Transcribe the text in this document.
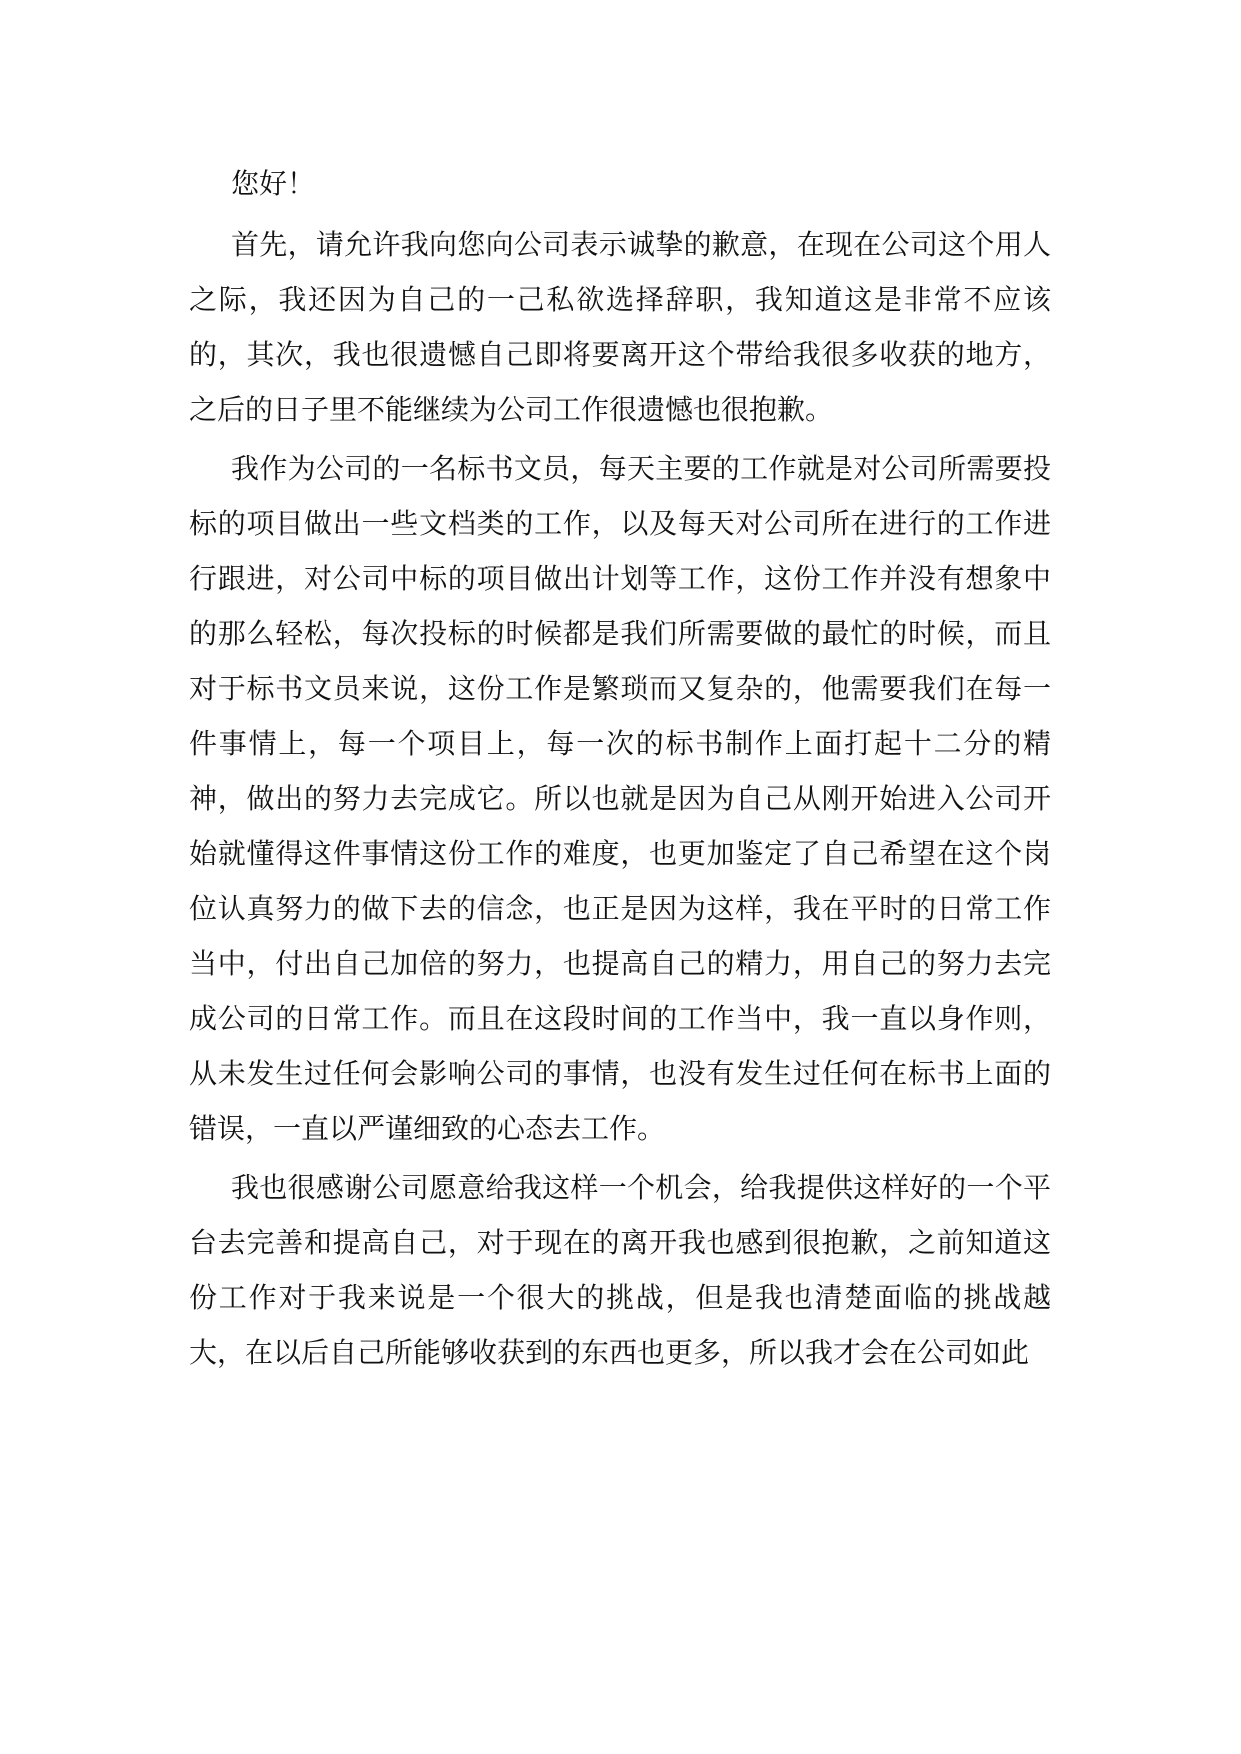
您好！

首先，请允许我向您向公司表示诚挚的歉意，在现在公司这个用人之际，我还因为自己的一己私欲选择辞职，我知道这是非常不应该的，其次，我也很遗憾自己即将要离开这个带给我很多收获的地方，之后的日子里不能继续为公司工作很遗憾也很抱歉。

我作为公司的一名标书文员，每天主要的工作就是对公司所需要投标的项目做出一些文档类的工作，以及每天对公司所在进行的工作进行跟进，对公司中标的项目做出计划等工作，这份工作并没有想象中的那么轻松，每次投标的时候都是我们所需要做的最忙的时候，而且对于标书文员来说，这份工作是繁琐而又复杂的，他需要我们在每一件事情上，每一个项目上，每一次的标书制作上面打起十二分的精神，做出的努力去完成它。所以也就是因为自己从刚开始进入公司开始就懂得这件事情这份工作的难度，也更加鉴定了自己希望在这个岗位认真努力的做下去的信念，也正是因为这样，我在平时的日常工作当中，付出自己加倍的努力，也提高自己的精力，用自己的努力去完成公司的日常工作。而且在这段时间的工作当中，我一直以身作则，从未发生过任何会影响公司的事情，也没有发生过任何在标书上面的错误，一直以严谨细致的心态去工作。

我也很感谢公司愿意给我这样一个机会，给我提供这样好的一个平台去完善和提高自己，对于现在的离开我也感到很抱歉，之前知道这份工作对于我来说是一个很大的挑战，但是我也清楚面临的挑战越大，在以后自己所能够收获到的东西也更多，所以我才会在公司如此
